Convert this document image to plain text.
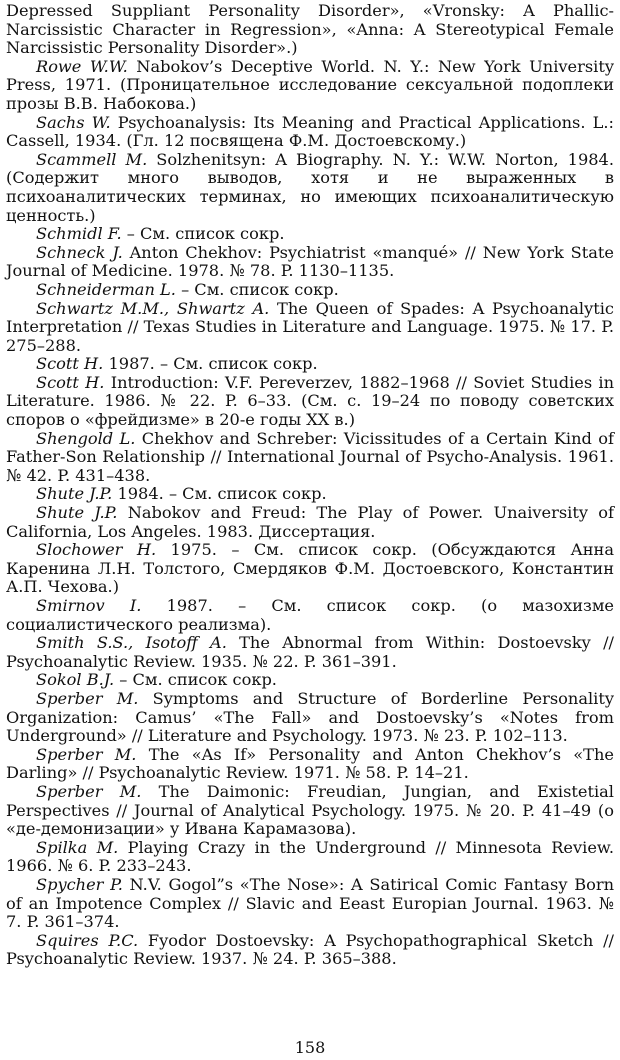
Depressed Suppliant Personality Disorder», «Vronsky: A Phallic-Narcissistic Character in Regression», «Anna: A Stereotypical Female Narcissistic Personality Disorder».)

Rowe W.W. Nabokov’s Deceptive World. N. Y.: New York University Press, 1971. (Проницательное исследование сексуальной подоплеки прозы В.В. Набокова.)

Sachs W. Psychoanalysis: Its Meaning and Practical Applications. L.: Cassell, 1934. (Гл. 12 посвящена Ф.М. Достоевскому.)

Scammell M. Solzhenitsyn: A Biography. N. Y.: W.W. Norton, 1984. (Содержит много выводов, хотя и не выраженных в психоаналитических терминах, но имеющих психоаналитическую ценность.)

Schmidl F. – См. список сокр.

Schneck J. Anton Chekhov: Psychiatrist «manqué» // New York State Journal of Medicine. 1978. № 78. P. 1130–1135.

Schneiderman L. – См. список сокр.

Schwartz M.M., Shwartz A. The Queen of Spades: A Psychoanalytic Interpretation // Texas Studies in Literature and Language. 1975. № 17. P. 275–288.

Scott H. 1987. – См. список сокр.

Scott H. Introduction: V.F. Pereverzev, 1882–1968 // Soviet Studies in Literature. 1986. № 22. P. 6–33. (См. с. 19–24 по поводу советских споров о «фрейдизме» в 20-е годы XX в.)

Shengold L. Chekhov and Schreber: Vicissitudes of a Certain Kind of Father-Son Relationship // International Journal of Psycho-Analysis. 1961. № 42. P. 431–438.

Shute J.P. 1984. – См. список сокр.

Shute J.P. Nabokov and Freud: The Play of Power. Unaiversity of California, Los Angeles. 1983. Диссертация.

Slochower H. 1975. – См. список сокр. (Обсуждаются Анна Каренина Л.Н. Толстого, Смердяков Ф.М. Достоевского, Константин А.П. Чехова.)

Smirnov I. 1987. – См. список сокр. (о мазохизме социалистического реализма).

Smith S.S., Isotoff A. The Abnormal from Within: Dostoevsky // Psychoanalytic Review. 1935. № 22. P. 361–391.

Sokol B.J. – См. список сокр.

Sperber M. Symptoms and Structure of Borderline Personality Organization: Camus’ «The Fall» and Dostoevsky’s «Notes from Underground» // Literature and Psychology. 1973. № 23. P. 102–113.

Sperber M. The «As If» Personality and Anton Chekhov’s «The Darling» // Psychoanalytic Review. 1971. № 58. P. 14–21.

Sperber M. The Daimonic: Freudian, Jungian, and Existetial Perspectives // Journal of Analytical Psychology. 1975. № 20. P. 41–49 (о «де-демонизации» у Ивана Карамазова).

Spilka M. Playing Crazy in the Underground // Minnesota Review. 1966. № 6. P. 233–243.

Spycher P. N.V. Gogol”s «The Nose»: A Satirical Comic Fantasy Born of an Impotence Complex // Slavic and Eeast Europian Journal. 1963. № 7. P. 361–374.

Squires P.C. Fyodor Dostoevsky: A Psychopathographical Sketch // Psychoanalytic Review. 1937. № 24. P. 365–388.

158
